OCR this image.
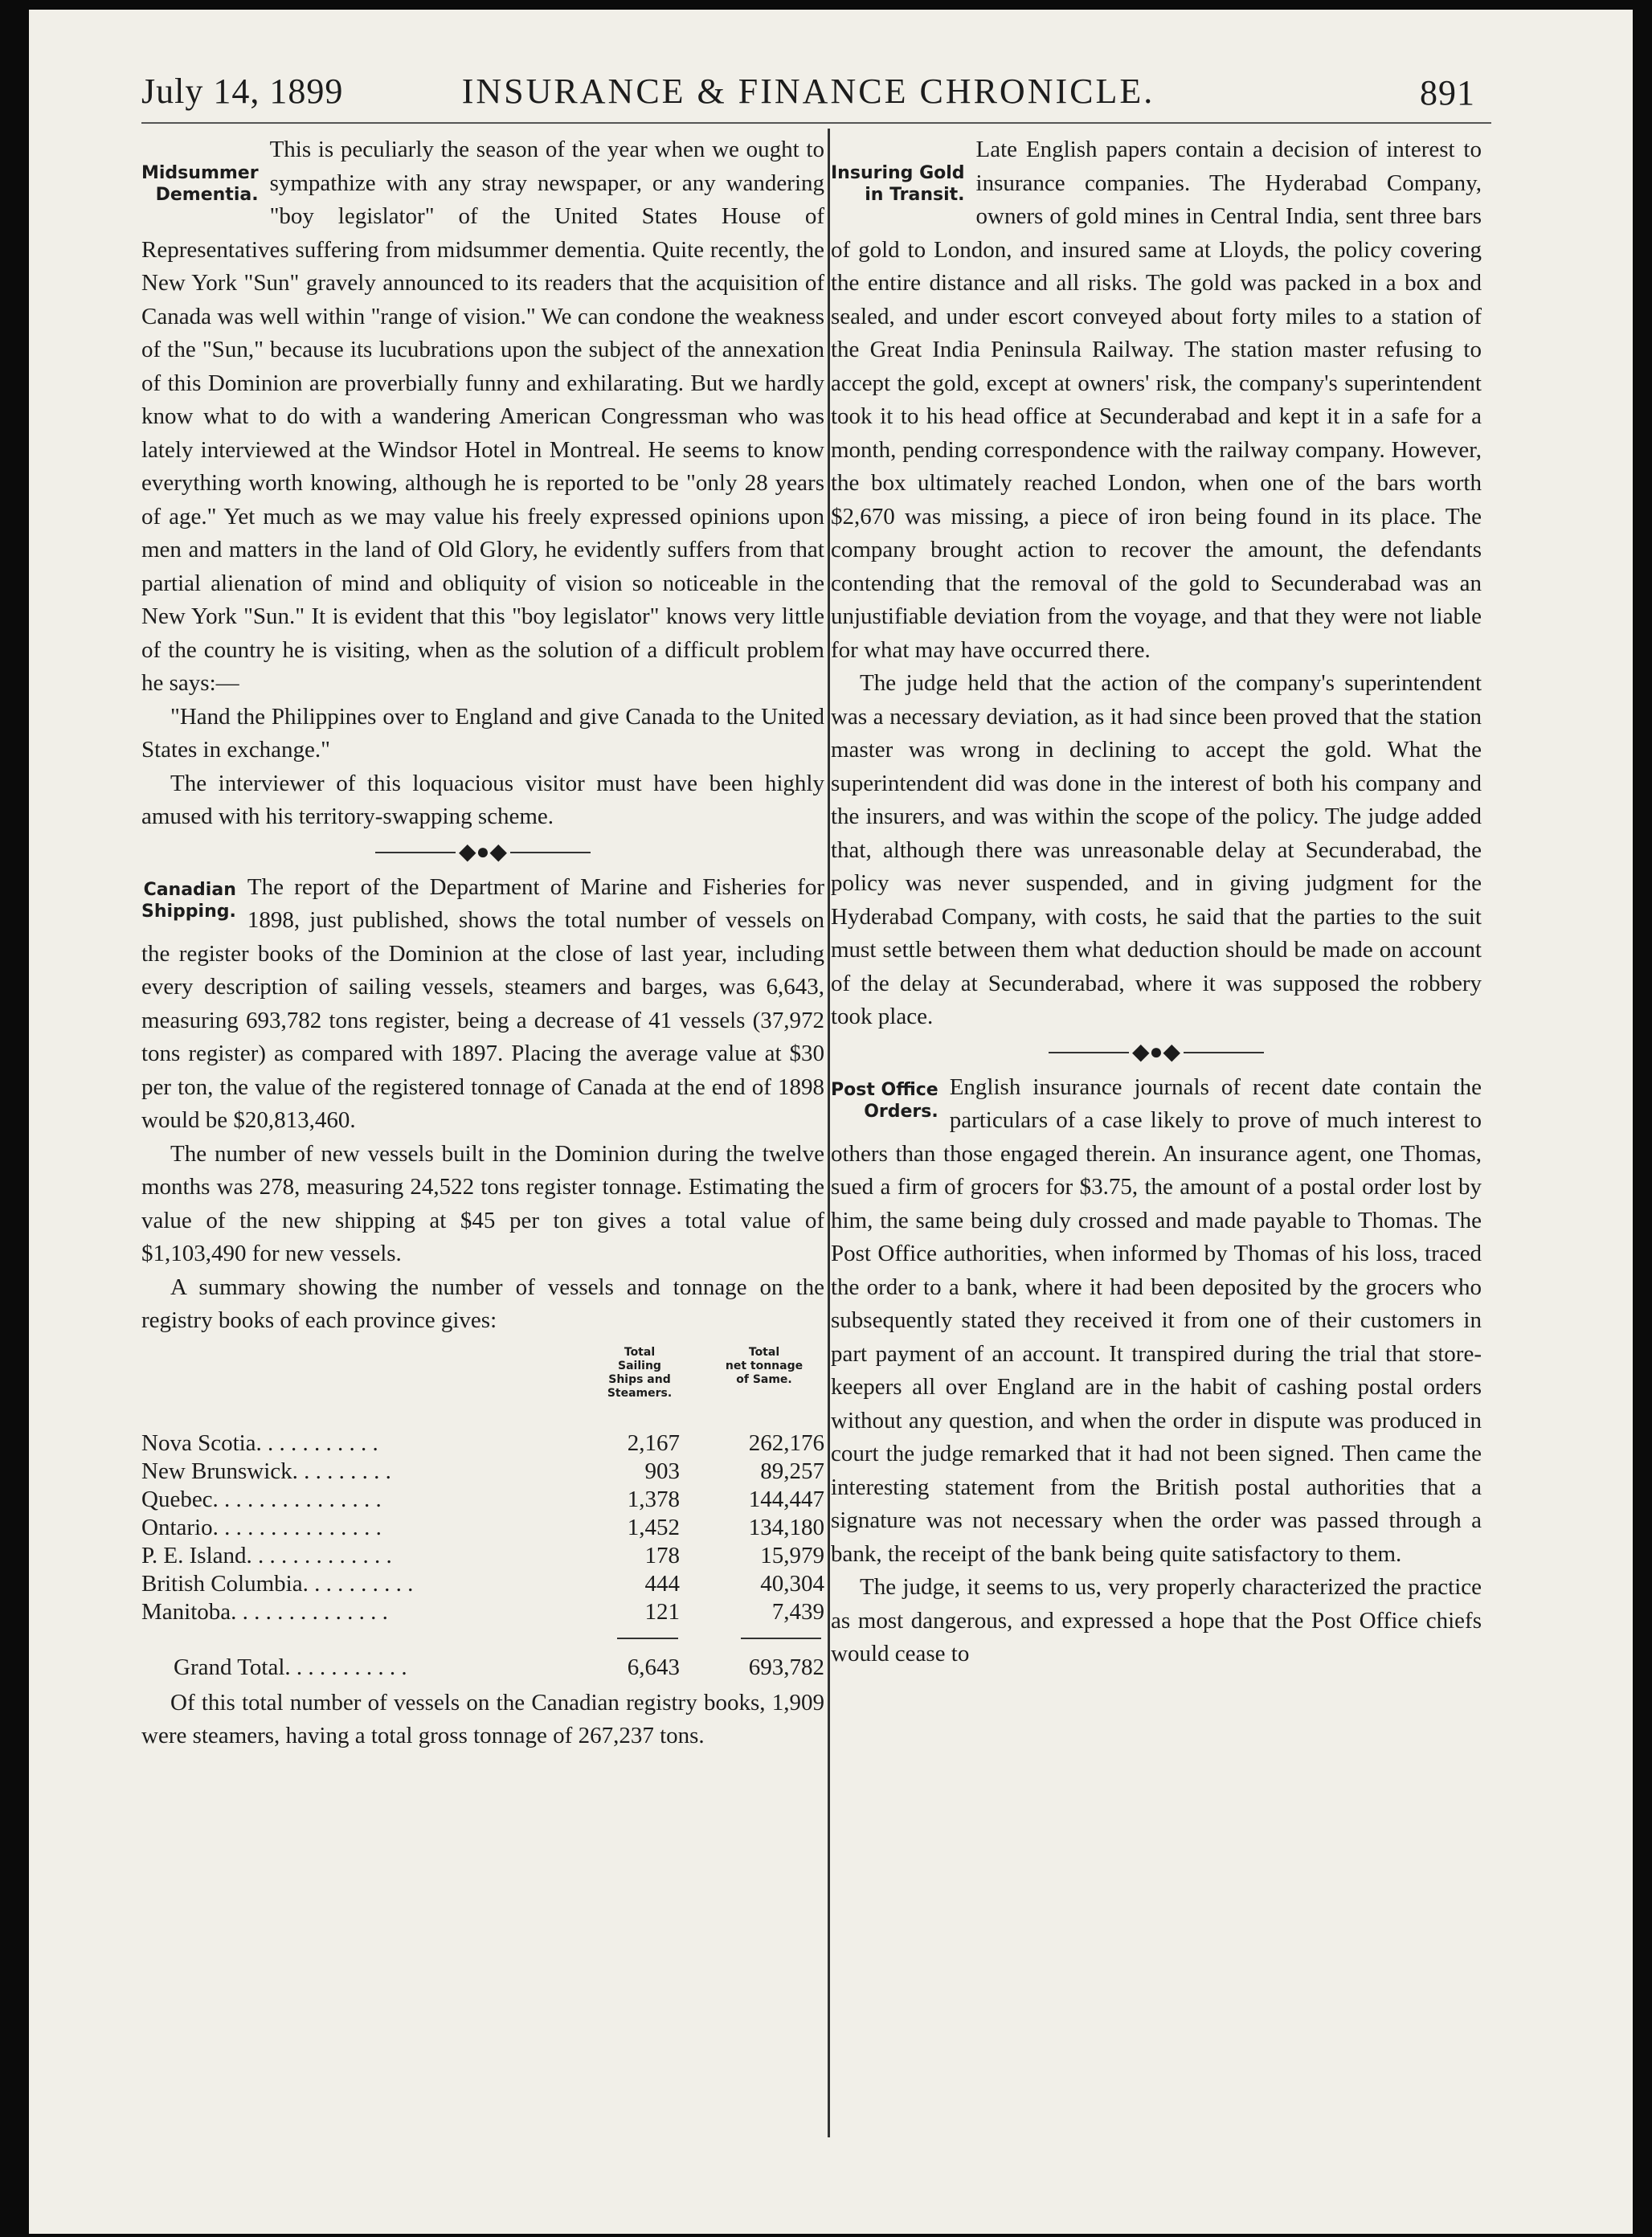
July 14, 1899	INSURANCE & FINANCE CHRONICLE.	891
Midsummer
Dementia.

This is peculiarly the season of the year when we ought to sympathize with any stray newspaper, or any wandering "boy legislator" of the United States House of Representatives suffering from midsummer dementia. Quite recently, the New York "Sun" gravely announced to its readers that the acquisition of Canada was well within "range of vision." We can condone the weakness of the "Sun," because its lucubrations upon the subject of the annexation of this Dominion are proverbially funny and exhilarating. But we hardly know what to do with a wandering American Congressman who was lately interviewed at the Windsor Hotel in Montreal. He seems to know everything worth knowing, although he is reported to be "only 28 years of age." Yet much as we may value his freely expressed opinions upon men and matters in the land of Old Glory, he evidently suffers from that partial alienation of mind and obliquity of vision so noticeable in the New York "Sun." It is evident that this "boy legislator" knows very little of the country he is visiting, when as the solution of a difficult problem he says:—

"Hand the Philippines over to England and give Canada to the United States in exchange."

The interviewer of this loquacious visitor must have been highly amused with his territory-swapping scheme.

◆●◆
Canadian
Shipping.

The report of the Department of Marine and Fisheries for 1898, just published, shows the total number of vessels on the register books of the Dominion at the close of last year, including every description of sailing vessels, steamers and barges, was 6,643, measuring 693,782 tons register, being a decrease of 41 vessels (37,972 tons register) as compared with 1897. Placing the average value at $30 per ton, the value of the registered tonnage of Canada at the end of 1898 would be $20,813,460.

The number of new vessels built in the Dominion during the twelve months was 278, measuring 24,522 tons register tonnage. Estimating the value of the new shipping at $45 per ton gives a total value of $1,103,490 for new vessels.

A summary showing the number of vessels and tonnage on the registry books of each province gives:

Total
Sailing
Ships and
Steamers.
Total
net tonnage
of Same.
Nova Scotia. . . . . . . . . . .	2,167	262,176
New Brunswick. . . . . . . . .	903	89,257
Quebec. . . . . . . . . . . . . . .	1,378	144,447
Ontario. . . . . . . . . . . . . . .	1,452	134,180
P. E. Island. . . . . . . . . . . . .	178	15,979
British Columbia. . . . . . . . . .	444	40,304
Manitoba. . . . . . . . . . . . . .	121	7,439
Grand Total. . . . . . . . . . .	6,643	693,782

Of this total number of vessels on the Canadian registry books, 1,909 were steamers, having a total gross tonnage of 267,237 tons.

Insuring Gold
in Transit.

Late English papers contain a decision of interest to insurance companies. The Hyderabad Company, owners of gold mines in Central India, sent three bars of gold to London, and insured same at Lloyds, the policy covering the entire distance and all risks. The gold was packed in a box and sealed, and under escort conveyed about forty miles to a station of the Great India Peninsula Railway. The station master refusing to accept the gold, except at owners' risk, the company's superintendent took it to his head office at Secunderabad and kept it in a safe for a month, pending correspondence with the railway company. However, the box ultimately reached London, when one of the bars worth $2,670 was missing, a piece of iron being found in its place. The company brought action to recover the amount, the defendants contending that the removal of the gold to Secunderabad was an unjustifiable deviation from the voyage, and that they were not liable for what may have occurred there.

The judge held that the action of the company's superintendent was a necessary deviation, as it had since been proved that the station master was wrong in declining to accept the gold. What the superintendent did was done in the interest of both his company and the insurers, and was within the scope of the policy. The judge added that, although there was unreasonable delay at Secunderabad, the policy was never suspended, and in giving judgment for the Hyderabad Company, with costs, he said that the parties to the suit must settle between them what deduction should be made on account of the delay at Secunderabad, where it was supposed the robbery took place.

◆●◆
Post Office
Orders.

English insurance journals of recent date contain the particulars of a case likely to prove of much interest to others than those engaged therein. An insurance agent, one Thomas, sued a firm of grocers for $3.75, the amount of a postal order lost by him, the same being duly crossed and made payable to Thomas. The Post Office authorities, when informed by Thomas of his loss, traced the order to a bank, where it had been deposited by the grocers who subsequently stated they received it from one of their customers in part payment of an account. It transpired during the trial that store-keepers all over England are in the habit of cashing postal orders without any question, and when the order in dispute was produced in court the judge remarked that it had not been signed. Then came the interesting statement from the British postal authorities that a signature was not necessary when the order was passed through a bank, the receipt of the bank being quite satisfactory to them.

The judge, it seems to us, very properly characterized the practice as most dangerous, and expressed a hope that the Post Office chiefs would cease to
